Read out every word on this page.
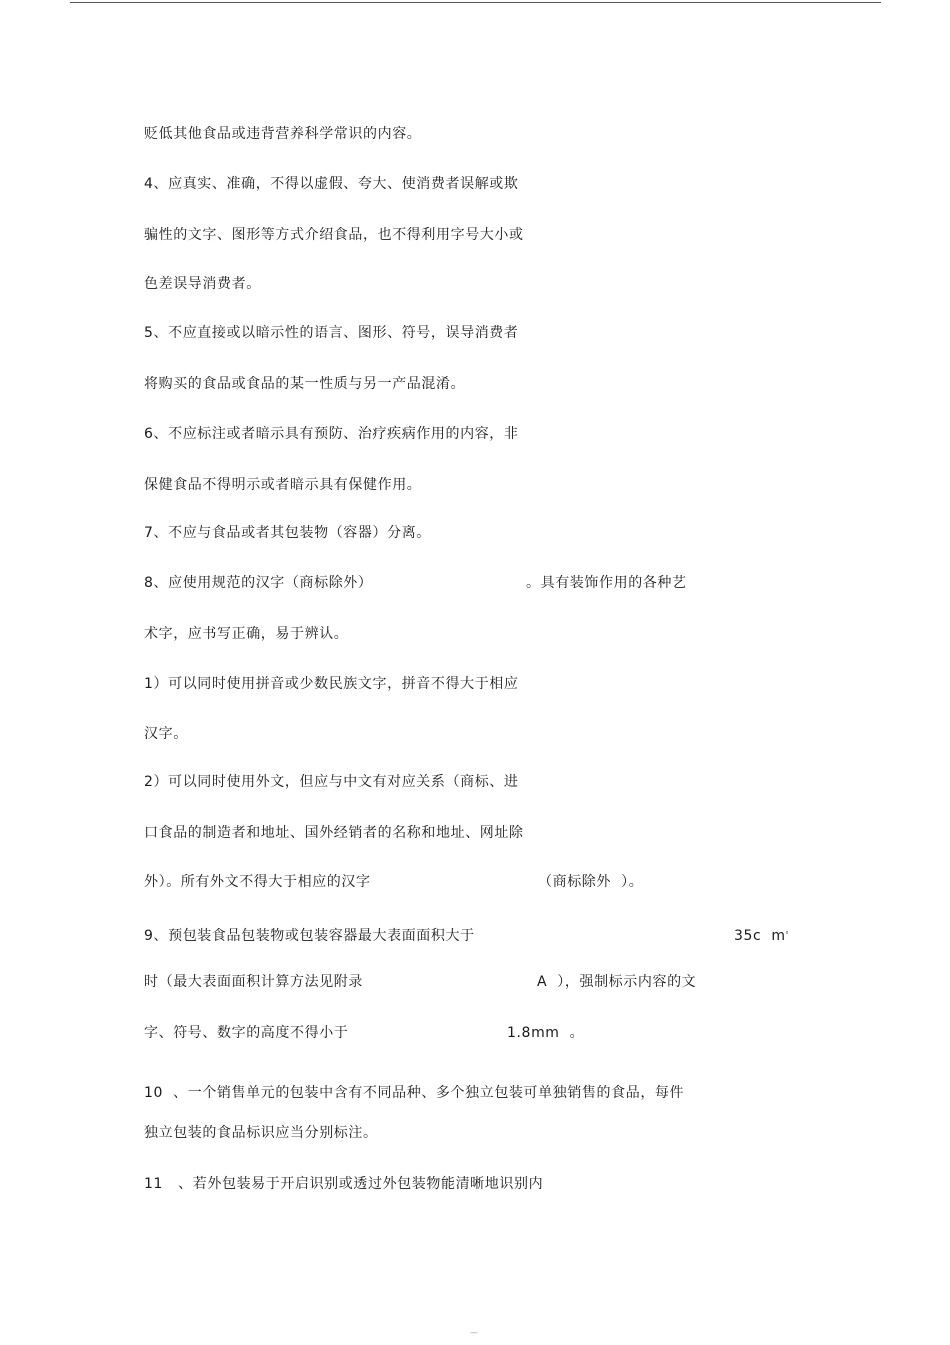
贬低其他食品或违背营养科学常识的内容。
4、应真实、准确，不得以虚假、夸大、使消费者误解或欺
骗性的文字、图形等方式介绍食品，也不得利用字号大小或
色差误导消费者。
5、不应直接或以暗示性的语言、图形、符号，误导消费者
将购买的食品或食品的某一性质与另一产品混淆。
6、不应标注或者暗示具有预防、治疗疾病作用的内容，非
保健食品不得明示或者暗示具有保健作用。
7、不应与食品或者其包装物（容器）分离。
8、应使用规范的汉字（商标除外）	。具有装饰作用的各种艺
术字，应书写正确，易于辨认。
1）可以同时使用拼音或少数民族文字，拼音不得大于相应
汉字。
2）可以同时使用外文，但应与中文有对应关系（商标、进
口食品的制造者和地址、国外经销者的名称和地址、网址除
外）。所有外文不得大于相应的汉字	（商标除外  ）。
9、预包装食品包装物或包装容器最大表面面积大于	35c  $m^{^2}$
时（最大表面面积计算方法见附录	A  ），强制标示内容的文
字、符号、数字的高度不得小于	1.8mm  。
10  、一个销售单元的包装中含有不同品种、多个独立包装可单独销售的食品，每件
独立包装的食品标识应当分别标注。
11   、若外包装易于开启识别或透过外包装物能清晰地识别内
—
